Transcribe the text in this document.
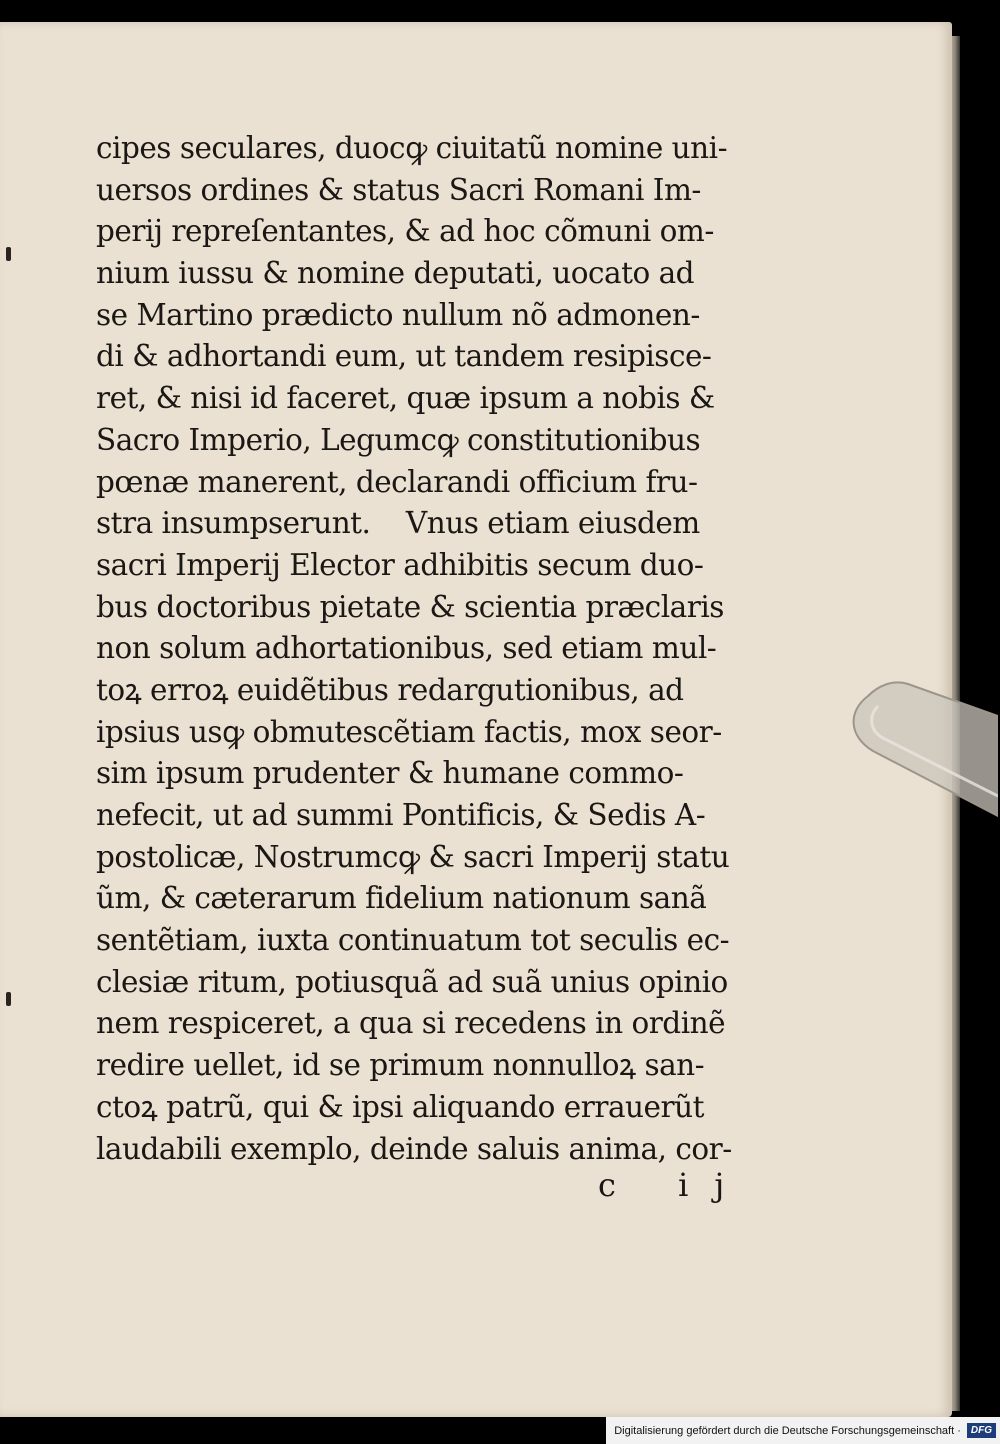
cipes seculares, duocꝙ ciuitatũ nomine uni-
uersos ordines & status Sacri Romani Im-
perij repreſentantes, & ad hoc cõmuni om-
nium iussu & nomine deputati, uocato ad
se Martino prædicto nullum nõ admonen-
di & adhortandi eum, ut tandem resipisce-
ret, & nisi id faceret, quæ ipsum a nobis &
Sacro Imperio, Legumcꝙ constitutionibus
pœnæ manerent, declarandi officium fru-
stra insumpserunt.    Vnus etiam eiusdem
sacri Imperij Elector adhibitis secum duo-
bus doctoribus pietate & scientia præclaris
non solum adhortationibus, sed etiam mul-
toꝝ erroꝝ euidẽtibus redargutionibus, ad
ipsius usꝙ obmutescẽtiam factis, mox seor-
sim ipsum prudenter & humane commo-
nefecit, ut ad summi Pontificis, & Sedis A-
postolicæ, Nostrumcꝙ & sacri Imperij statu
ũm, & cæterarum fidelium nationum sanã
sentẽtiam, iuxta continuatum tot seculis ec-
clesiæ ritum, potiusquã ad suã unius opinio
nem respiceret, a qua si recedens in ordinẽ
redire uellet, id se primum nonnulloꝝ san-
ctoꝝ patrũ, qui & ipsi aliquando errauerũt
laudabili exemplo, deinde saluis anima, cor-
c ij
Digitalisierung gefördert durch die Deutsche Forschungsgemeinschaft ·	DFG
